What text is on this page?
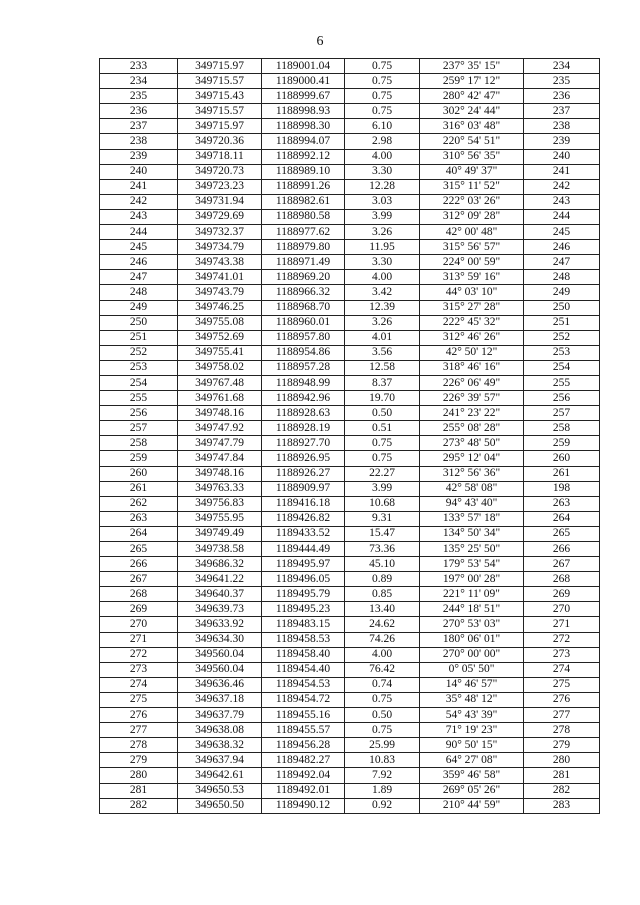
6
233	349715.97	1189001.04	0.75	237° 35' 15"	234
234	349715.57	1189000.41	0.75	259° 17' 12"	235
235	349715.43	1188999.67	0.75	280° 42' 47"	236
236	349715.57	1188998.93	0.75	302° 24' 44"	237
237	349715.97	1188998.30	6.10	316° 03' 48"	238
238	349720.36	1188994.07	2.98	220° 54' 51"	239
239	349718.11	1188992.12	4.00	310° 56' 35"	240
240	349720.73	1188989.10	3.30	40° 49' 37"	241
241	349723.23	1188991.26	12.28	315° 11' 52"	242
242	349731.94	1188982.61	3.03	222° 03' 26"	243
243	349729.69	1188980.58	3.99	312° 09' 28"	244
244	349732.37	1188977.62	3.26	42° 00' 48"	245
245	349734.79	1188979.80	11.95	315° 56' 57"	246
246	349743.38	1188971.49	3.30	224° 00' 59"	247
247	349741.01	1188969.20	4.00	313° 59' 16"	248
248	349743.79	1188966.32	3.42	44° 03' 10"	249
249	349746.25	1188968.70	12.39	315° 27' 28"	250
250	349755.08	1188960.01	3.26	222° 45' 32"	251
251	349752.69	1188957.80	4.01	312° 46' 26"	252
252	349755.41	1188954.86	3.56	42° 50' 12"	253
253	349758.02	1188957.28	12.58	318° 46' 16"	254
254	349767.48	1188948.99	8.37	226° 06' 49"	255
255	349761.68	1188942.96	19.70	226° 39' 57"	256
256	349748.16	1188928.63	0.50	241° 23' 22"	257
257	349747.92	1188928.19	0.51	255° 08' 28"	258
258	349747.79	1188927.70	0.75	273° 48' 50"	259
259	349747.84	1188926.95	0.75	295° 12' 04"	260
260	349748.16	1188926.27	22.27	312° 56' 36"	261
261	349763.33	1188909.97	3.99	42° 58' 08"	198
262	349756.83	1189416.18	10.68	94° 43' 40"	263
263	349755.95	1189426.82	9.31	133° 57' 18"	264
264	349749.49	1189433.52	15.47	134° 50' 34"	265
265	349738.58	1189444.49	73.36	135° 25' 50"	266
266	349686.32	1189495.97	45.10	179° 53' 54"	267
267	349641.22	1189496.05	0.89	197° 00' 28"	268
268	349640.37	1189495.79	0.85	221° 11' 09"	269
269	349639.73	1189495.23	13.40	244° 18' 51"	270
270	349633.92	1189483.15	24.62	270° 53' 03"	271
271	349634.30	1189458.53	74.26	180° 06' 01"	272
272	349560.04	1189458.40	4.00	270° 00' 00"	273
273	349560.04	1189454.40	76.42	0° 05' 50"	274
274	349636.46	1189454.53	0.74	14° 46' 57"	275
275	349637.18	1189454.72	0.75	35° 48' 12"	276
276	349637.79	1189455.16	0.50	54° 43' 39"	277
277	349638.08	1189455.57	0.75	71° 19' 23"	278
278	349638.32	1189456.28	25.99	90° 50' 15"	279
279	349637.94	1189482.27	10.83	64° 27' 08"	280
280	349642.61	1189492.04	7.92	359° 46' 58"	281
281	349650.53	1189492.01	1.89	269° 05' 26"	282
282	349650.50	1189490.12	0.92	210° 44' 59"	283
